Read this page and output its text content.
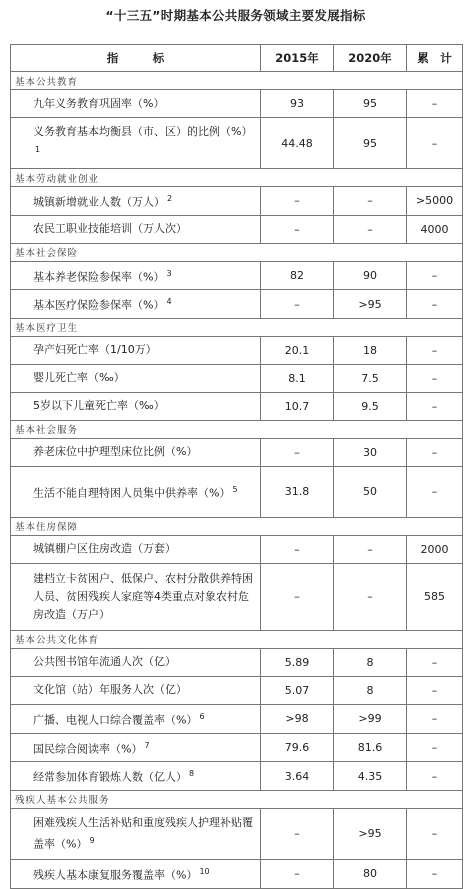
“十三五”时期基本公共服务领域主要发展指标
指　　　标	2015年	2020年	累　计
基本公共教育			
九年义务教育巩固率（%）	93	95	–
义务教育基本均衡县（市、区）的比例（%）$^1$	44.48	95	–
基本劳动就业创业			
城镇新增就业人数（万人） $^2$	–	–	>5000
农民工职业技能培训（万人次）	–	–	4000
基本社会保险			
基本养老保险参保率（%） $^3$	82	90	–
基本医疗保险参保率（%） $^4$	–	>95	–
基本医疗卫生			
孕产妇死亡率（1/10万）	20.1	18	–
婴儿死亡率（‰）	8.1	7.5	–
5岁以下儿童死亡率（‰）	10.7	9.5	–
基本社会服务			
养老床位中护理型床位比例（%）	–	30	–
生活不能自理特困人员集中供养率（%） $^5$	31.8	50	–
基本住房保障			
城镇棚户区住房改造（万套）	–	–	2000
建档立卡贫困户、低保户、农村分散供养特困人员、贫困残疾人家庭等4类重点对象农村危房改造（万户）	–	–	585
基本公共文化体育			
公共图书馆年流通人次（亿）	5.89	8	–
文化馆（站）年服务人次（亿）	5.07	8	–
广播、电视人口综合覆盖率（%） $^6$	>98	>99	–
国民综合阅读率（%） $^7$	79.6	81.6	–
经常参加体育锻炼人数（亿人） $^8$	3.64	4.35	–
残疾人基本公共服务			
困难残疾人生活补贴和重度残疾人护理补贴覆盖率（%） $^9$	–	>95	–
残疾人基本康复服务覆盖率（%） $^{10}$	–	80	–
